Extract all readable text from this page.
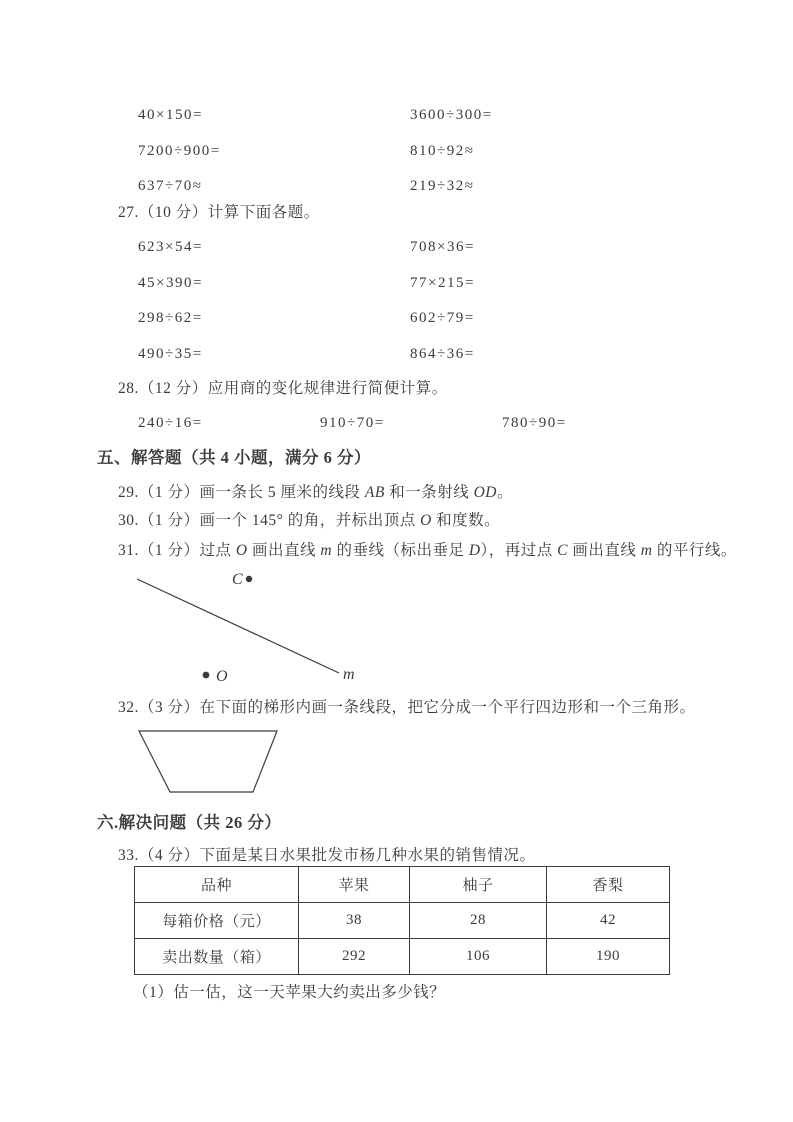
40×150=	3600÷300=
7200÷900=	810÷92≈
637÷70≈	219÷32≈
27.（10 分）计算下面各题。
623×54=	708×36=
45×390=	77×215=
298÷62=	602÷79=
490÷35=	864÷36=
28.（12 分）应用商的变化规律进行简便计算。
240÷16=	910÷70=	780÷90=
五、解答题（共 4 小题，满分 6 分）
29.（1 分）画一条长 5 厘米的线段 AB 和一条射线 OD。
30.（1 分）画一个 145° 的角，并标出顶点 O 和度数。
31.（1 分）过点 O 画出直线 m 的垂线（标出垂足 D），再过点 C 画出直线 m 的平行线。
C
O	m
32.（3 分）在下面的梯形内画一条线段，把它分成一个平行四边形和一个三角形。
六.解决问题（共 26 分）
33.（4 分）下面是某日水果批发市杨几种水果的销售情况。
品种	苹果	柚子	香梨
每箱价格（元）	38	28	42
卖出数量（箱）	292	106	190
（1）估一估，这一天苹果大约卖出多少钱？
